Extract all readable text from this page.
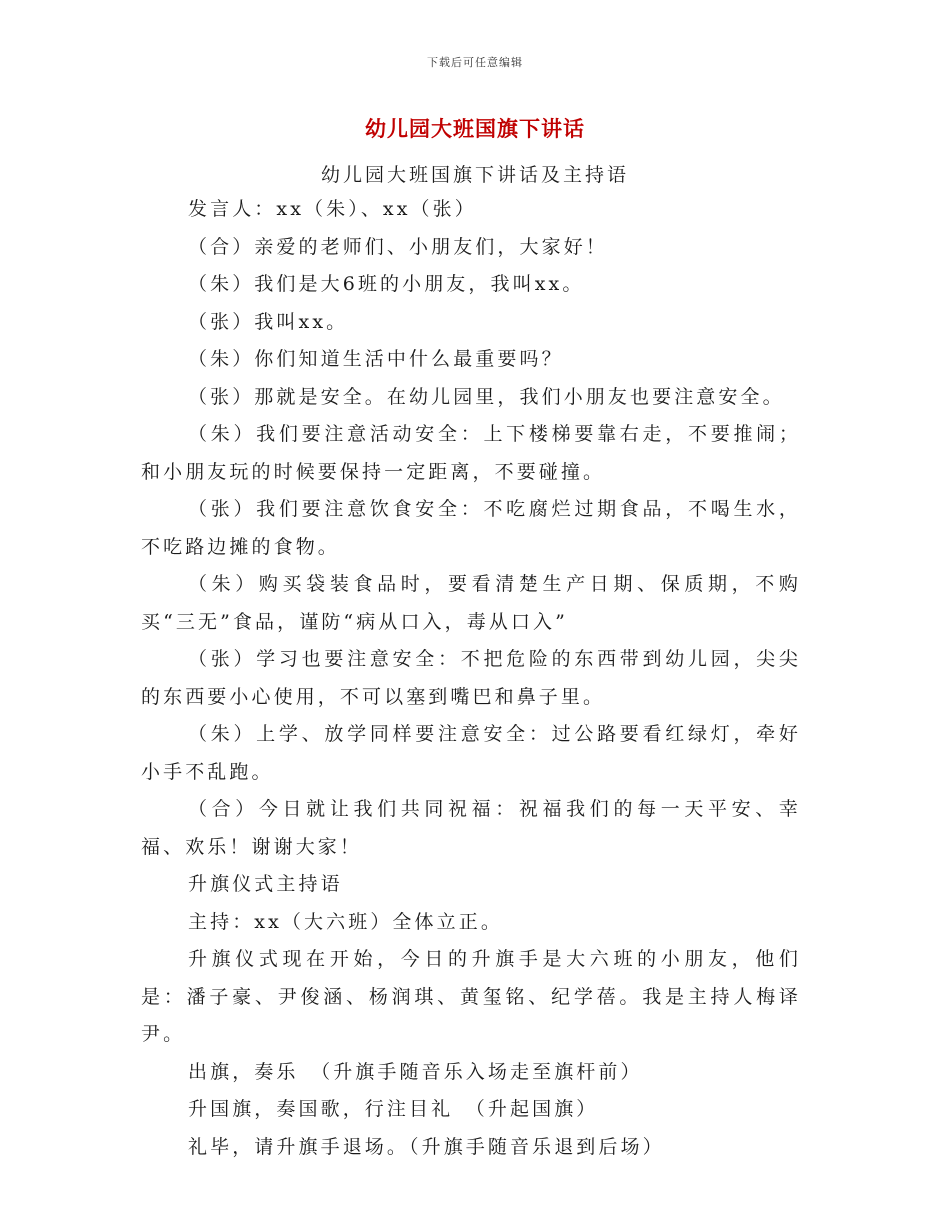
下载后可任意编辑
幼儿园大班国旗下讲话
幼儿园大班国旗下讲话及主持语

发言人：xx（朱）、xx（张）

（合）亲爱的老师们、小朋友们，大家好！

（朱）我们是大6班的小朋友，我叫xx。

（张）我叫xx。

（朱）你们知道生活中什么最重要吗？

（张）那就是安全。在幼儿园里，我们小朋友也要注意安全。

（朱）我们要注意活动安全：上下楼梯要靠右走，不要推闹；和小朋友玩的时候要保持一定距离，不要碰撞。

（张）我们要注意饮食安全：不吃腐烂过期食品，不喝生水，不吃路边摊的食物。

（朱）购买袋装食品时，要看清楚生产日期、保质期，不购买“三无”食品，谨防“病从口入，毒从口入”

（张）学习也要注意安全：不把危险的东西带到幼儿园，尖尖的东西要小心使用，不可以塞到嘴巴和鼻子里。

（朱）上学、放学同样要注意安全：过公路要看红绿灯，牵好小手不乱跑。

（合）今日就让我们共同祝福：祝福我们的每一天平安、幸福、欢乐！谢谢大家！

升旗仪式主持语

主持：xx（大六班）全体立正。

升旗仪式现在开始，今日的升旗手是大六班的小朋友，他们是：潘子豪、尹俊涵、杨润琪、黄玺铭、纪学蓓。我是主持人梅译尹。

出旗，奏乐　（升旗手随音乐入场走至旗杆前）

升国旗，奏国歌，行注目礼　（升起国旗）

礼毕，请升旗手退场。（升旗手随音乐退到后场）
